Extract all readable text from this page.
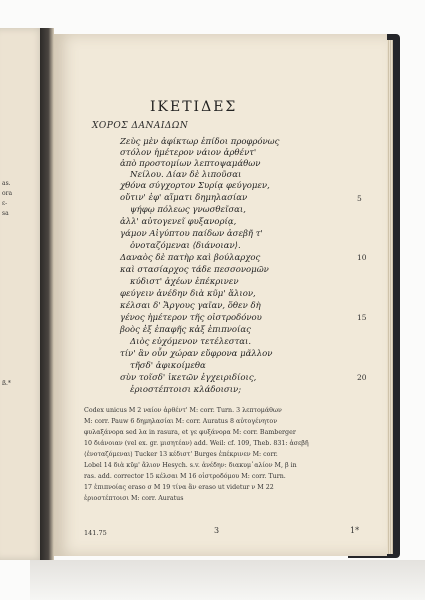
as.
ora
ε-
sa
ß.*
ΙΚΕΤΙΔΕΣ
ΧΟΡΟΣ ΔΑΝΑΙΔΩΝ
Ζεὺς μὲν ἀφίκτωρ ἐπίδοι προφρόνως
στόλον ἡμέτερον νάιον ἀρθέντ'
ἀπὸ προστομίων λεπτοψαμάθων
Νείλου. Δίαν δὲ λιποῦσαι
χθόνα σύγχορτον Συρίᾳ φεύγομεν,
οὔτιν' ἐφ' αἵματι δημηλασίαν
ψήφῳ πόλεως γνωσθεῖσαι,
ἀλλ' αὐτογενεῖ φυξανορίᾳ,
γάμον Αἰγύπτου παίδων ἀσεβῆ τ'
ὀνοταζόμεναι ⟨διάνοιαν⟩.
Δαναὸς δὲ πατὴρ καὶ βούλαρχος
καὶ στασίαρχος τάδε πεσσονομῶν
κύδιστ' ἀχέων ἐπέκρινεν
φεύγειν ἀνέδην διὰ κῦμ' ἅλιον,
κέλσαι δ' Ἄργους γαῖαν, ὅθεν δὴ
γένος ἡμέτερον τῆς οἰστροδόνου
βοὸς ἐξ ἐπαφῆς κἀξ ἐπιπνοίας
Διὸς εὐχόμενον τετέλεσται.
τίν' ἂν οὖν χώραν εὔφρονα μᾶλλον
τῆσδ' ἀφικοίμεθα
σὺν τοῖσδ' ἱκετῶν ἐγχειριδίοις,
ἐριοστέπτοισι κλάδοισιν;
5
10
15
20
Codex unicus M 2 ναίον ἀρθέντ' M: corr. Turn. 3 λεπτομάθων
M: corr. Pauw 6 δημηλασίαι M: corr. Auratus 8 αὐτογένητον
φυλαξάνορα sed λα in rasura, et γε φυξάνορα M: corr. Bamberger
10 διάνοιαν (vel ex. gr. μισητέαν) add. Weil: cf. 109, Theb. 831: ἀσεβῆ
⟨ἐνοταζόμεναι⟩ Tucker 13 κέδιστ' Burges ἐπέκρινεν M: corr.
Lobel 14 διὰ κῦμ' ἅλιον Hesych. s.v. ἀνέδην: διακυμ᾽αλίον M, β in
ras. add. corrector 15 κέλσαι M 16 οἰστροδόμου M: corr. Turn.
17 ἐπιπνοίας eraso σ M 19 τίνα ἂν eraso ut videtur ν M 22
ἐριοστέπτοισι M: corr. Auratus
141.75	3	1*
